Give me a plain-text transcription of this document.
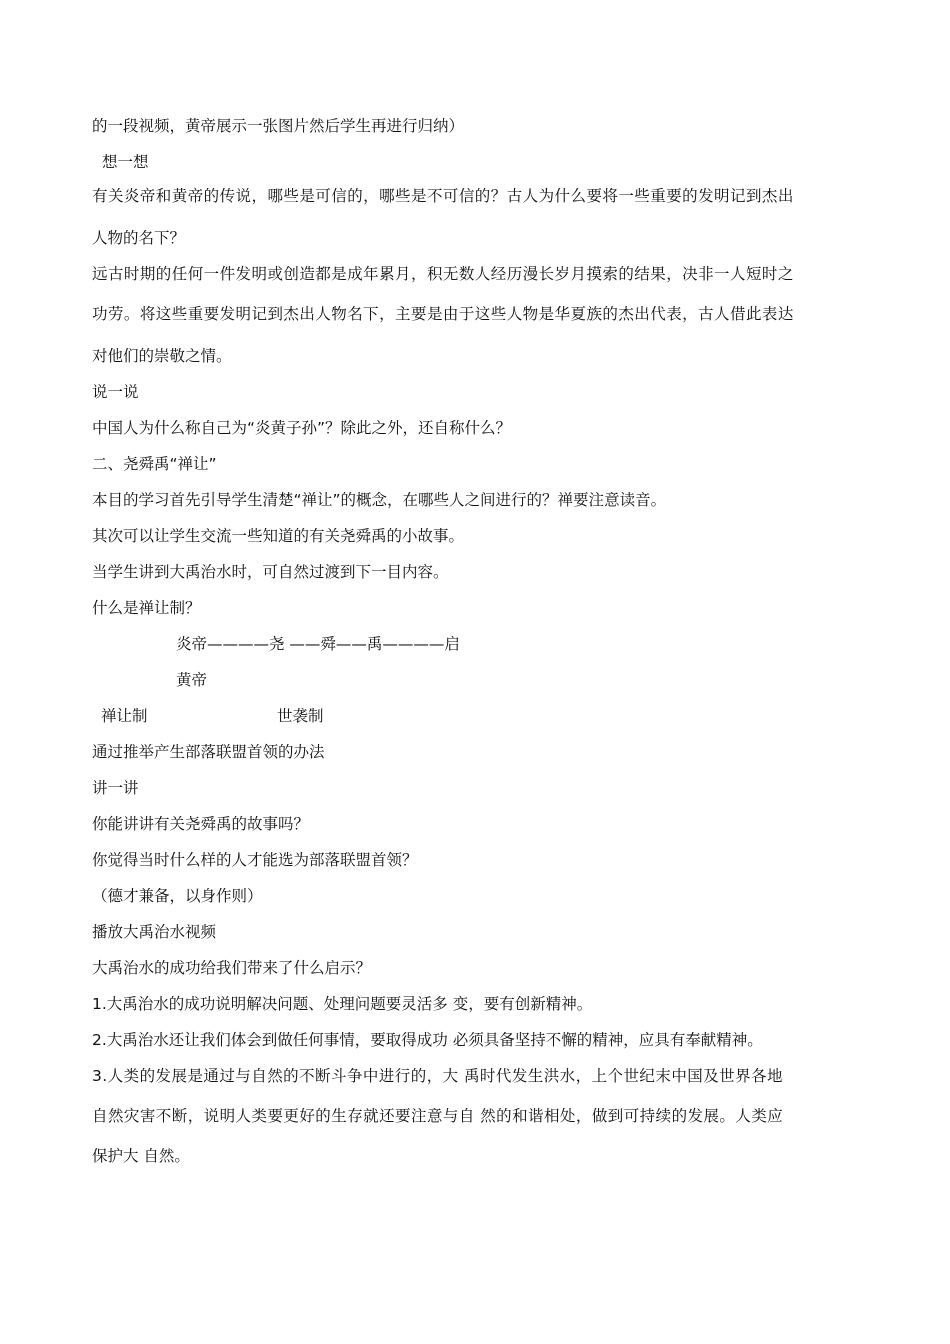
的一段视频，黄帝展示一张图片然后学生再进行归纳）
想一想
有关炎帝和黄帝的传说，哪些是可信的，哪些是不可信的？古人为什么要将一些重要的发明记到杰出
人物的名下？
远古时期的任何一件发明或创造都是成年累月，积无数人经历漫长岁月摸索的结果，决非一人短时之
功劳。将这些重要发明记到杰出人物名下，主要是由于这些人物是华夏族的杰出代表，古人借此表达
对他们的崇敬之情。
说一说
中国人为什么称自己为“炎黄子孙”？除此之外，还自称什么？
二、尧舜禹“禅让”
本目的学习首先引导学生清楚“禅让”的概念，在哪些人之间进行的？禅要注意读音。
其次可以让学生交流一些知道的有关尧舜禹的小故事。
当学生讲到大禹治水时，可自然过渡到下一目内容。
什么是禅让制？
炎帝————尧 ——舜——禹————启
黄帝
禅让制	世袭制
通过推举产生部落联盟首领的办法
讲一讲
你能讲讲有关尧舜禹的故事吗？
你觉得当时什么样的人才能选为部落联盟首领？
（德才兼备，以身作则）
播放大禹治水视频
大禹治水的成功给我们带来了什么启示？
1.大禹治水的成功说明解决问题、处理问题要灵活多 变，要有创新精神。
2.大禹治水还让我们体会到做任何事情，要取得成功 必须具备坚持不懈的精神，应具有奉献精神。
3.人类的发展是通过与自然的不断斗争中进行的，大 禹时代发生洪水，上个世纪末中国及世界各地
自然灾害不断，说明人类要更好的生存就还要注意与自 然的和谐相处，做到可持续的发展。人类应
保护大 自然。
